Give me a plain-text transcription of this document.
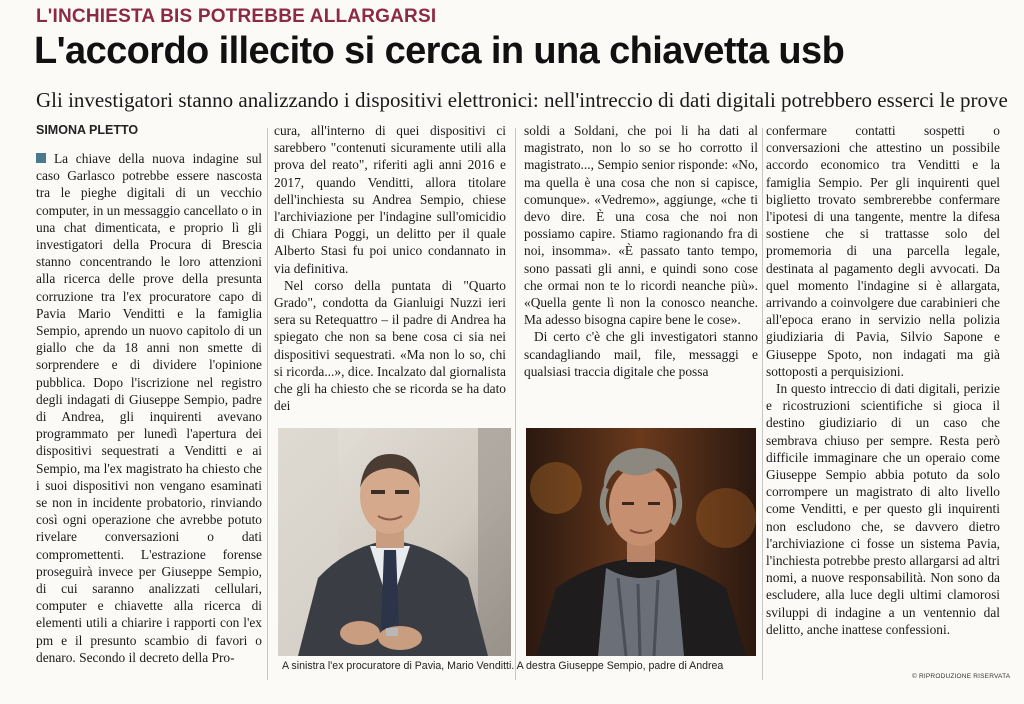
L'INCHIESTA BIS POTREBBE ALLARGARSI
L'accordo illecito si cerca in una chiavetta usb
Gli investigatori stanno analizzando i dispositivi elettronici: nell'intreccio di dati digitali potrebbero esserci le prove
SIMONA PLETTO

La chiave della nuova indagine sul caso Garlasco potrebbe essere nascosta tra le pieghe digitali di un vecchio computer, in un messaggio cancellato o in una chat dimenticata, e proprio lì gli investigatori della Procura di Brescia stanno concentrando le loro attenzioni alla ricerca delle prove della presunta corruzione tra l'ex procuratore capo di Pavia Mario Venditti e la famiglia Sempio, aprendo un nuovo capitolo di un giallo che da 18 anni non smette di sorprendere e di dividere l'opinione pubblica. Dopo l'iscrizione nel registro degli indagati di Giuseppe Sempio, padre di Andrea, gli inquirenti avevano programmato per lunedì l'apertura dei dispositivi sequestrati a Venditti e ai Sempio, ma l'ex magistrato ha chiesto che i suoi dispositivi non vengano esaminati se non in incidente probatorio, rinviando così ogni operazione che avrebbe potuto rivelare conversazioni o dati compromettenti. L'estrazione forense proseguirà invece per Giuseppe Sempio, di cui saranno analizzati cellulari, computer e chiavette alla ricerca di elementi utili a chiarire i rapporti con l'ex pm e il presunto scambio di favori o denaro. Secondo il decreto della Pro-

cura, all'interno di quei dispositivi ci sarebbero "contenuti sicuramente utili alla prova del reato", riferiti agli anni 2016 e 2017, quando Venditti, allora titolare dell'inchiesta su Andrea Sempio, chiese l'archiviazione per l'indagine sull'omicidio di Chiara Poggi, un delitto per il quale Alberto Stasi fu poi unico condannato in via definitiva.

Nel corso della puntata di "Quarto Grado", condotta da Gianluigi Nuzzi ieri sera su Retequattro – il padre di Andrea ha spiegato che non sa bene cosa ci sia nei dispositivi sequestrati. «Ma non lo so, chi si ricorda...», dice. Incalzato dal giornalista che gli ha chiesto che se ricorda se ha dato dei

soldi a Soldani, che poi li ha dati al magistrato, non lo so se ho corrotto il magistrato..., Sempio senior risponde: «No, ma quella è una cosa che non si capisce, comunque». «Vedremo», aggiunge, «che ti devo dire. È una cosa che noi non possiamo capire. Stiamo ragionando fra di noi, insomma». «È passato tanto tempo, sono passati gli anni, e quindi sono cose che ormai non te lo ricordi neanche più». «Quella gente lì non la conosco neanche. Ma adesso bisogna capire bene le cose».

Di certo c'è che gli investigatori stanno scandagliando mail, file, messaggi e qualsiasi traccia digitale che possa

confermare contatti sospetti o conversazioni che attestino un possibile accordo economico tra Venditti e la famiglia Sempio. Per gli inquirenti quel biglietto trovato sembrerebbe confermare l'ipotesi di una tangente, mentre la difesa sostiene che si trattasse solo del promemoria di una parcella legale, destinata al pagamento degli avvocati. Da quel momento l'indagine si è allargata, arrivando a coinvolgere due carabinieri che all'epoca erano in servizio nella polizia giudiziaria di Pavia, Silvio Sapone e Giuseppe Spoto, non indagati ma già sottoposti a perquisizioni.

In questo intreccio di dati digitali, perizie e ricostruzioni scientifiche si gioca il destino giudiziario di un caso che sembrava chiuso per sempre. Resta però difficile immaginare che un operaio come Giuseppe Sempio abbia potuto da solo corrompere un magistrato di alto livello come Venditti, e per questo gli inquirenti non escludono che, se davvero dietro l'archiviazione ci fosse un sistema Pavia, l'inchiesta potrebbe presto allargarsi ad altri nomi, a nuove responsabilità. Non sono da escludere, alla luce degli ultimi clamorosi sviluppi di indagine a un ventennio dal delitto, anche inattese confessioni.

A sinistra l'ex procuratore di Pavia, Mario Venditti. A destra Giuseppe Sempio, padre di Andrea
© RIPRODUZIONE RISERVATA
